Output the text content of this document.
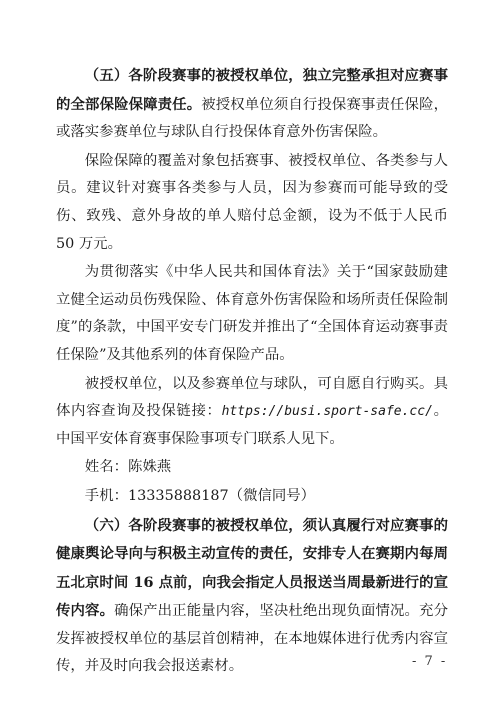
（五）各阶段赛事的被授权单位，独立完整承担对应赛事的全部保险保障责任。被授权单位须自行投保赛事责任保险，或落实参赛单位与球队自行投保体育意外伤害保险。

保险保障的覆盖对象包括赛事、被授权单位、各类参与人员。建议针对赛事各类参与人员，因为参赛而可能导致的受伤、致残、意外身故的单人赔付总金额，设为不低于人民币 50 万元。

为贯彻落实《中华人民共和国体育法》关于“国家鼓励建立健全运动员伤残保险、体育意外伤害保险和场所责任保险制度”的条款，中国平安专门研发并推出了“全国体育运动赛事责任保险”及其他系列的体育保险产品。

被授权单位，以及参赛单位与球队，可自愿自行购买。具体内容查询及投保链接：https://busi.sport-safe.cc/。中国平安体育赛事保险事项专门联系人见下。

姓名：陈姝燕

手机：13335888187（微信同号）

（六）各阶段赛事的被授权单位，须认真履行对应赛事的健康舆论导向与积极主动宣传的责任，安排专人在赛期内每周五北京时间 16 点前，向我会指定人员报送当周最新进行的宣传内容。确保产出正能量内容，坚决杜绝出现负面情况。充分发挥被授权单位的基层首创精神，在本地媒体进行优秀内容宣传，并及时向我会报送素材。	- 7 -
